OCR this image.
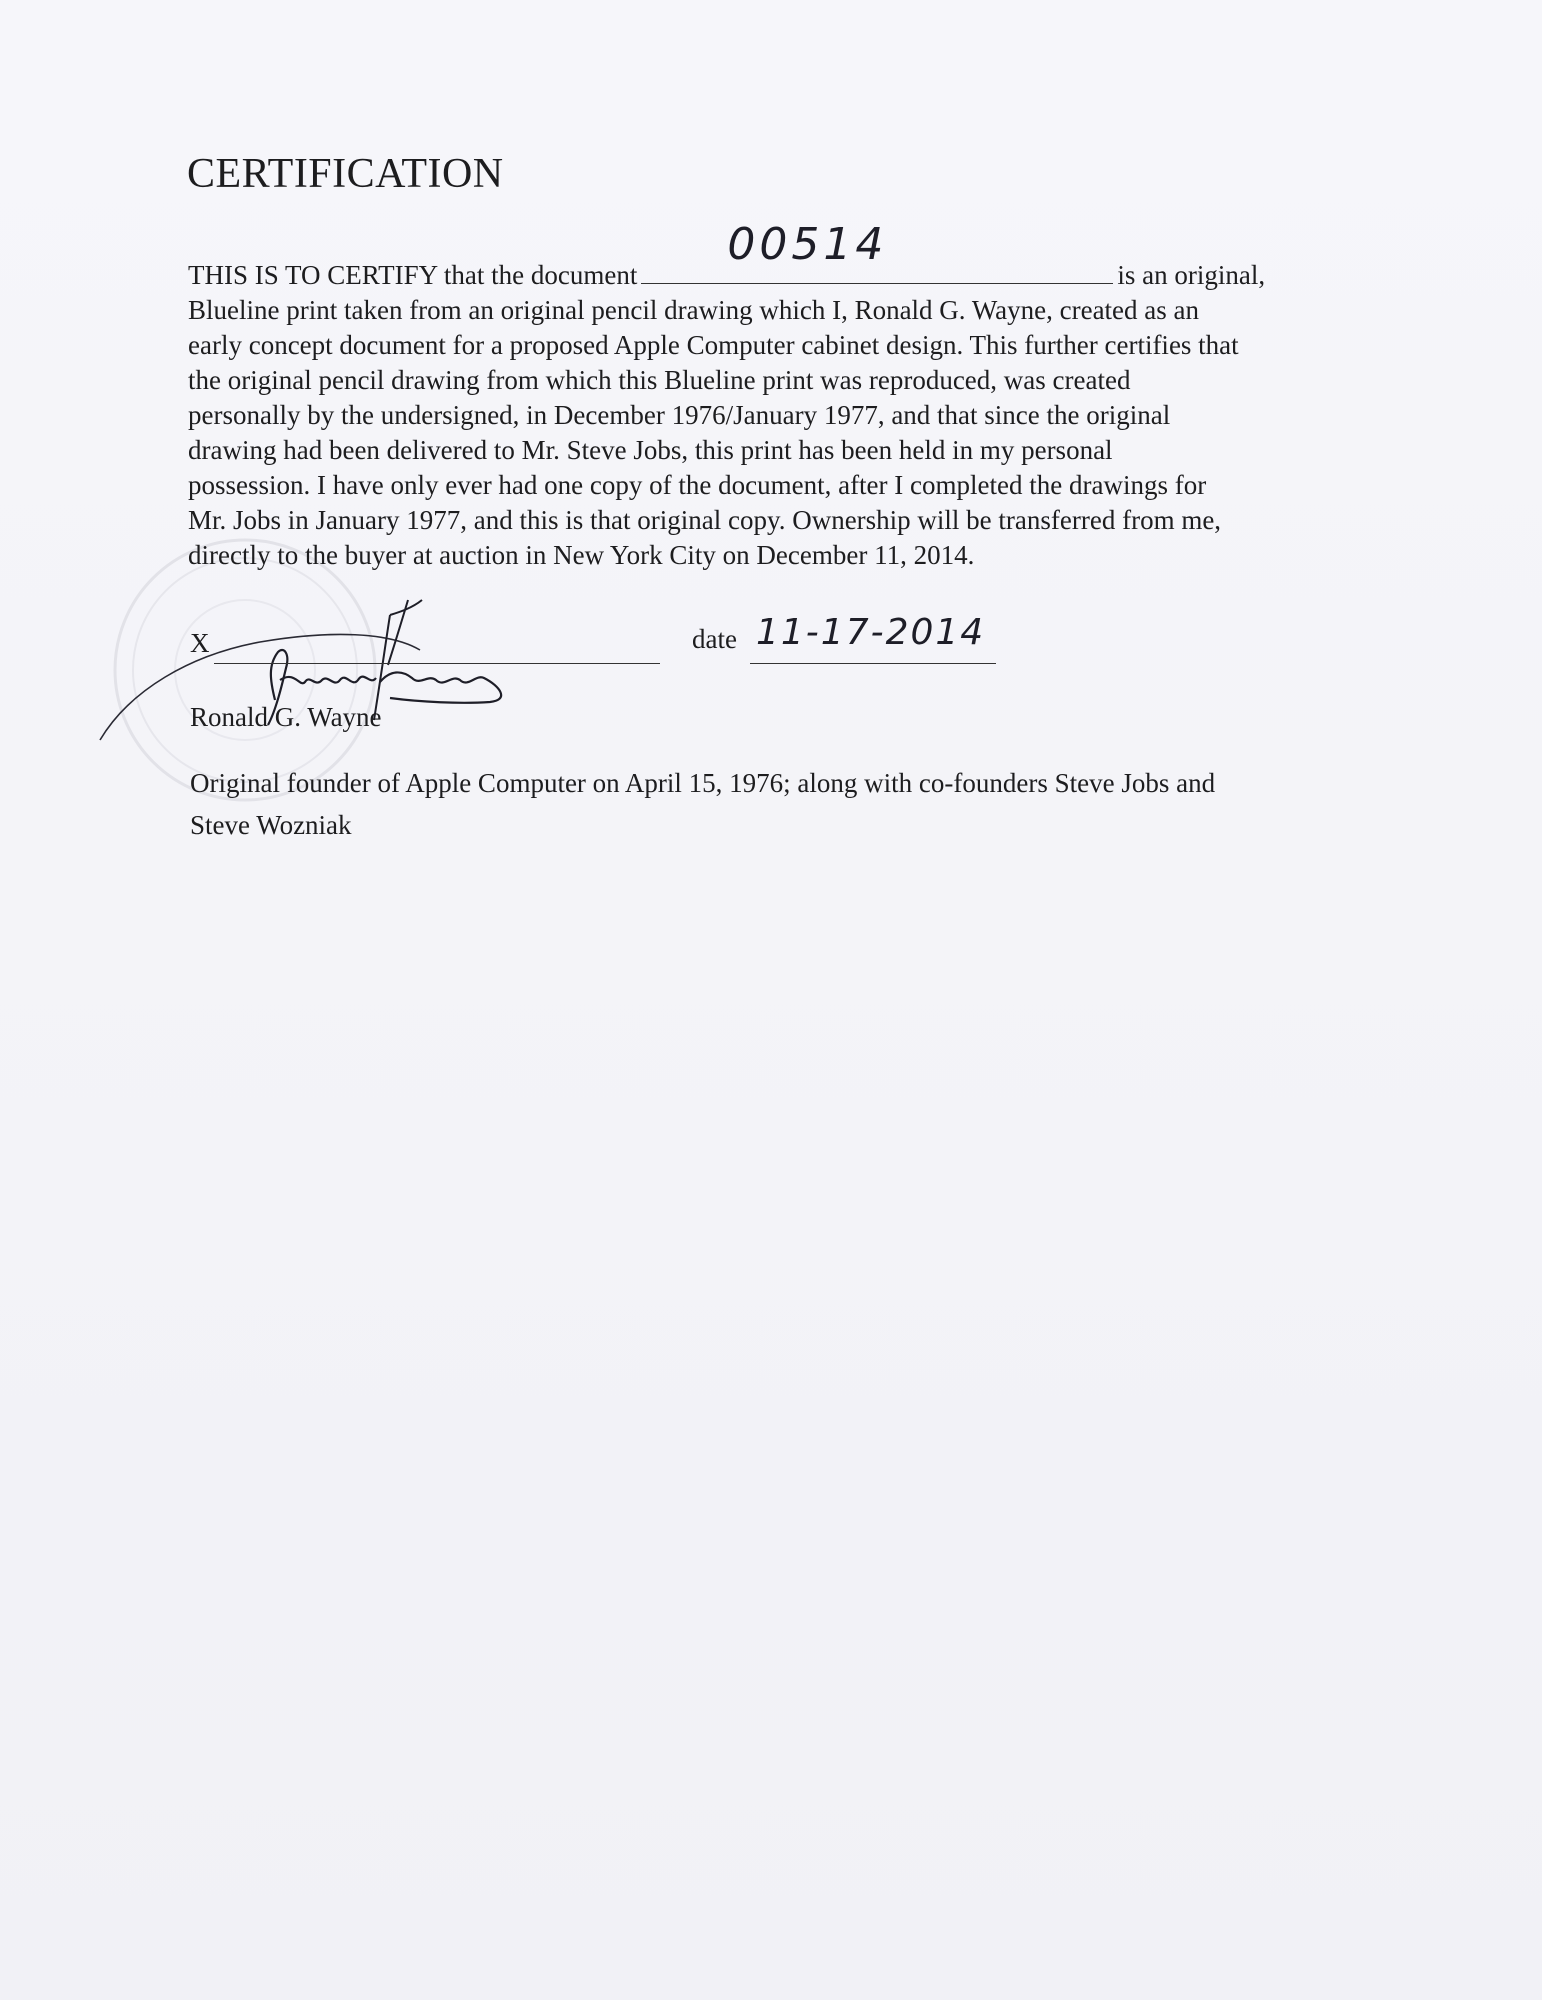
CERTIFICATION

THIS IS TO CERTIFY that the document
00514
is an original,
Blueline print taken from an original pencil drawing which I, Ronald G. Wayne, created as an
early concept document for a proposed Apple Computer cabinet design. This further certifies that
the original pencil drawing from which this Blueline print was reproduced, was created
personally by the undersigned, in December 1976/January 1977, and that since the original
drawing had been delivered to Mr. Steve Jobs, this print has been held in my personal
possession. I have only ever had one copy of the document, after I completed the drawings for
Mr. Jobs in January 1977, and this is that original copy. Ownership will be transferred from me,
directly to the buyer at auction in New York City on December 11, 2014.

X	date 11-17-2014

Ronald G. Wayne

Original founder of Apple Computer on April 15, 1976; along with co-founders Steve Jobs and
Steve Wozniak
